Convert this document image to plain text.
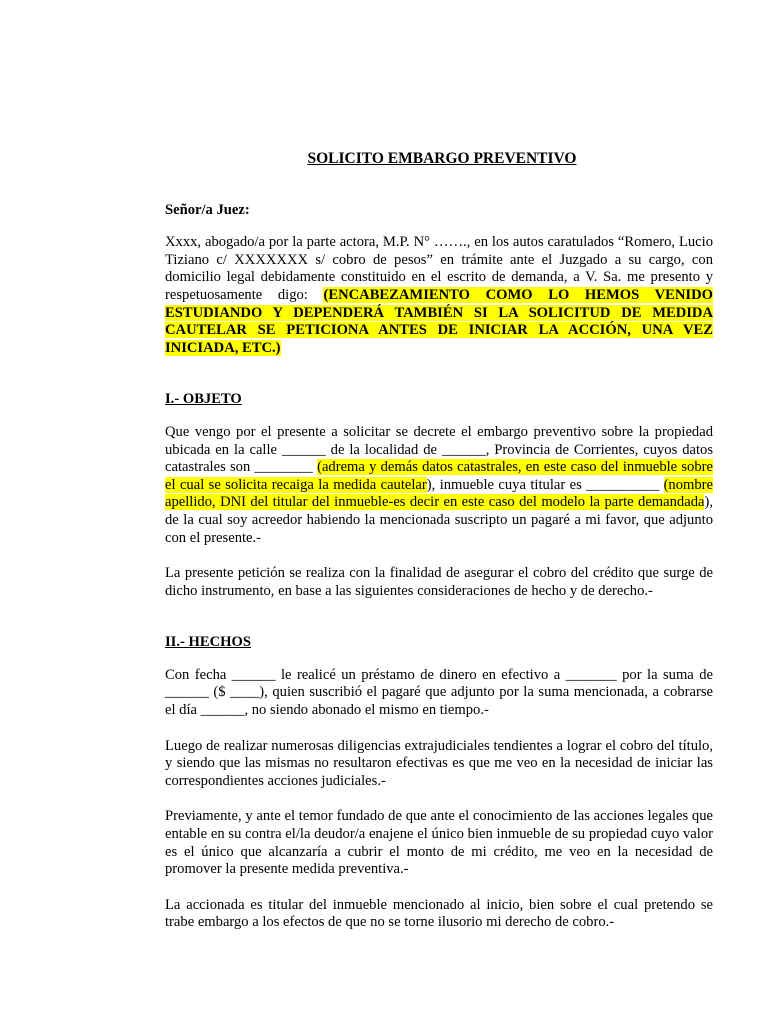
SOLICITO EMBARGO PREVENTIVO
Señor/a Juez:

Xxxx, abogado/a por la parte actora, M.P. N° ……., en los autos caratulados “Romero, Lucio Tiziano c/ XXXXXXX s/ cobro de pesos” en trámite ante el Juzgado a su cargo, con domicilio legal debidamente constituido en el escrito de demanda, a V. Sa. me presento y respetuosamente digo: (ENCABEZAMIENTO COMO LO HEMOS VENIDO ESTUDIANDO Y DEPENDERÁ TAMBIÉN SI LA SOLICITUD DE MEDIDA CAUTELAR SE PETICIONA ANTES DE INICIAR LA ACCIÓN, UNA VEZ INICIADA, ETC.)

I.- OBJETO

Que vengo por el presente a solicitar se decrete el embargo preventivo sobre la propiedad ubicada en la calle ______ de la localidad de ______, Provincia de Corrientes, cuyos datos catastrales son ________ (adrema y demás datos catastrales, en este caso del inmueble sobre el cual se solicita recaiga la medida cautelar), inmueble cuya titular es __________ (nombre apellido, DNI del titular del inmueble-es decir en este caso del modelo la parte demandada), de la cual soy acreedor habiendo la mencionada suscripto un pagaré a mi favor, que adjunto con el presente.-

La presente petición se realiza con la finalidad de asegurar el cobro del crédito que surge de dicho instrumento, en base a las siguientes consideraciones de hecho y de derecho.-

II.- HECHOS

Con fecha ______ le realicé un préstamo de dinero en efectivo a _______ por la suma de ______ ($ ____), quien suscribió el pagaré que adjunto por la suma mencionada, a cobrarse el día ______, no siendo abonado el mismo en tiempo.-

Luego de realizar numerosas diligencias extrajudiciales tendientes a lograr el cobro del título, y siendo que las mismas no resultaron efectivas es que me veo en la necesidad de iniciar las correspondientes acciones judiciales.-

Previamente, y ante el temor fundado de que ante el conocimiento de las acciones legales que entable en su contra el/la deudor/a enajene el único bien inmueble de su propiedad cuyo valor es el único que alcanzaría a cubrir el monto de mi crédito, me veo en la necesidad de promover la presente medida preventiva.-

La accionada es titular del inmueble mencionado al inicio, bien sobre el cual pretendo se trabe embargo a los efectos de que no se torne ilusorio mi derecho de cobro.-
